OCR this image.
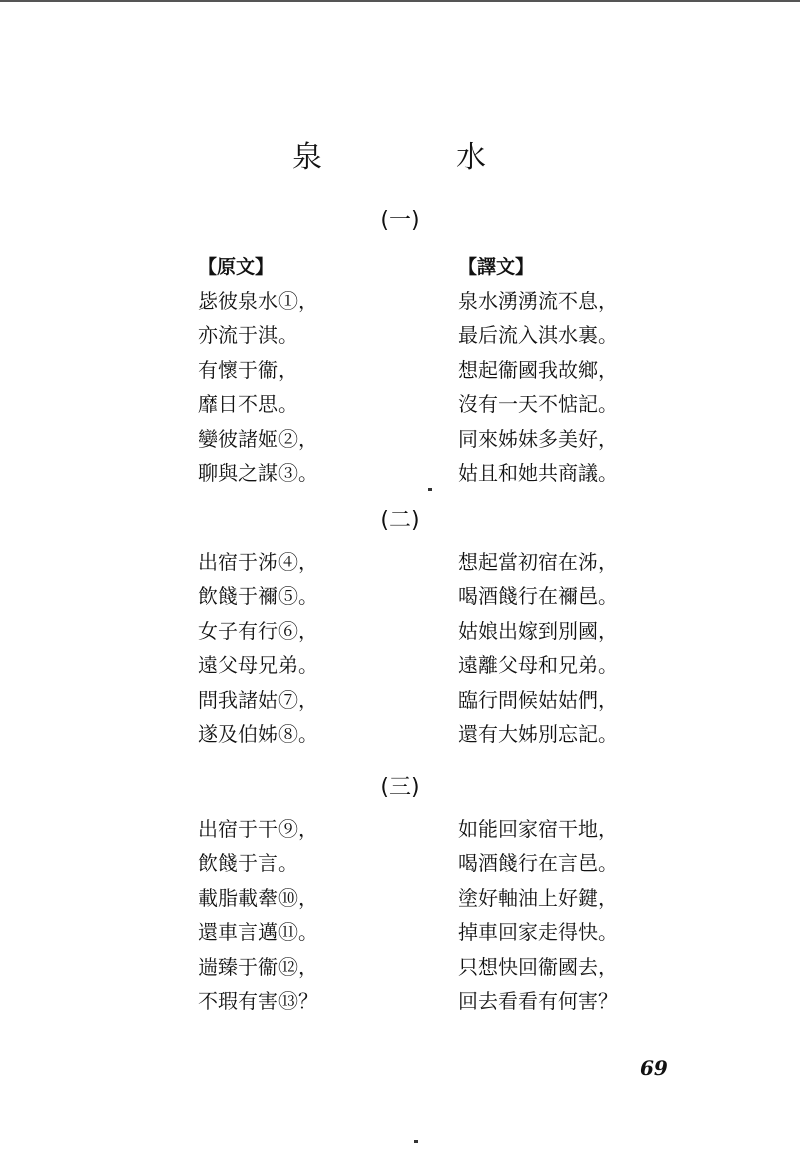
泉　水
(一)
【原文】
毖彼泉水①，
亦流于淇。
有懷于衞，
靡日不思。
孌彼諸姬②，
聊與之謀③。
【譯文】
泉水湧湧流不息，
最后流入淇水裏。
想起衞國我故鄉，
沒有一天不惦記。
同來姊妹多美好，
姑且和她共商議。
(二)
出宿于泲④，
飲餞于禰⑤。
女子有行⑥，
遠父母兄弟。
問我諸姑⑦，
遂及伯姊⑧。
想起當初宿在泲，
喝酒餞行在禰邑。
姑娘出嫁到別國，
遠離父母和兄弟。
臨行問候姑姑們，
還有大姊別忘記。
(三)
出宿于干⑨，
飲餞于言。
載脂載舝⑩，
還車言邁⑪。
遄臻于衞⑫，
不瑕有害⑬？
如能回家宿干地，
喝酒餞行在言邑。
塗好軸油上好鍵，
掉車回家走得快。
只想快回衞國去，
回去看看有何害？
69
